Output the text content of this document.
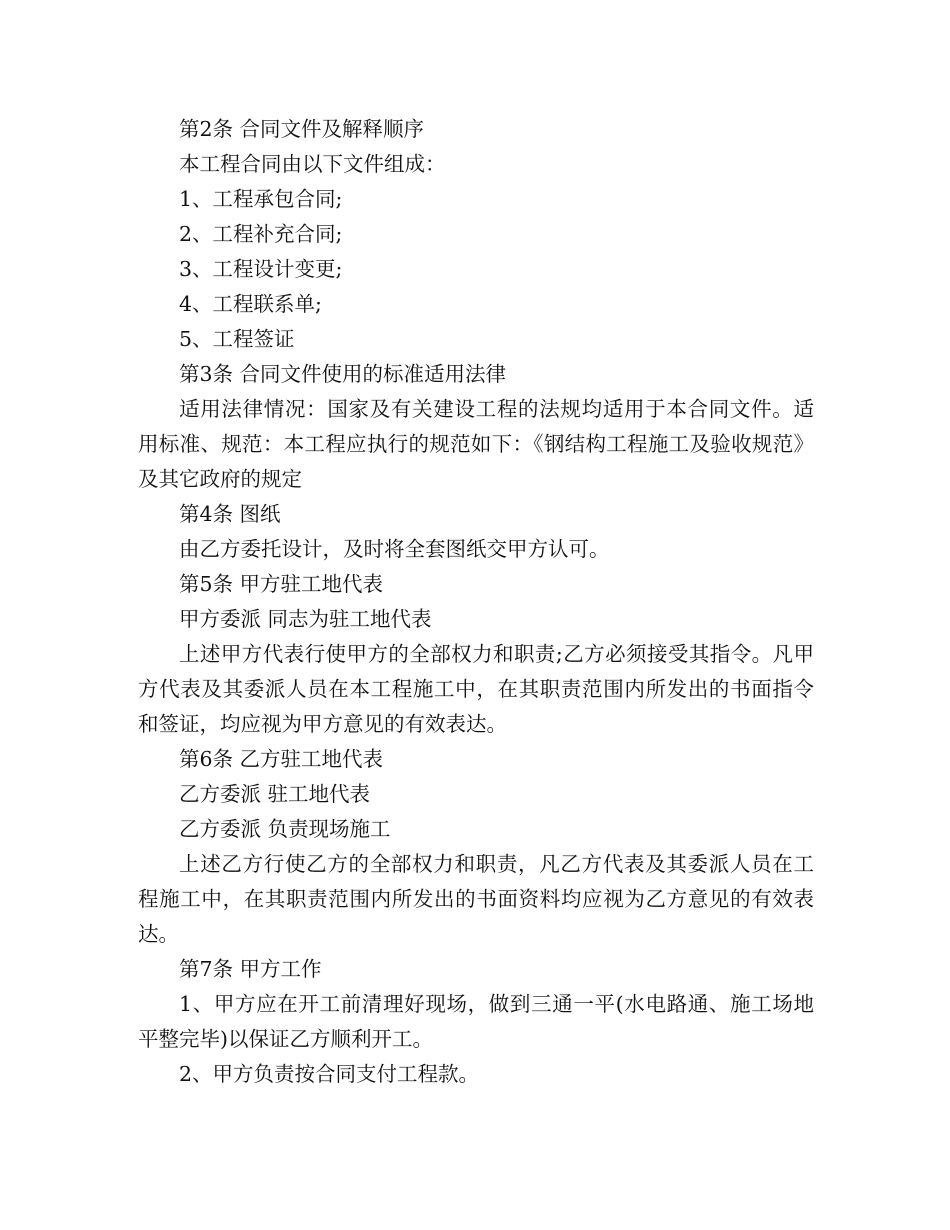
第2条 合同文件及解释顺序

本工程合同由以下文件组成：

1、工程承包合同;

2、工程补充合同;

3、工程设计变更;

4、工程联系单;

5、工程签证

第3条 合同文件使用的标准适用法律

适用法律情况：国家及有关建设工程的法规均适用于本合同文件。适用标准、规范：本工程应执行的规范如下：《钢结构工程施工及验收规范》及其它政府的规定

第4条 图纸

由乙方委托设计，及时将全套图纸交甲方认可。

第5条 甲方驻工地代表

甲方委派 同志为驻工地代表

上述甲方代表行使甲方的全部权力和职责;乙方必须接受其指令。凡甲方代表及其委派人员在本工程施工中，在其职责范围内所发出的书面指令和签证，均应视为甲方意见的有效表达。

第6条 乙方驻工地代表

乙方委派 驻工地代表

乙方委派 负责现场施工

上述乙方行使乙方的全部权力和职责，凡乙方代表及其委派人员在工程施工中，在其职责范围内所发出的书面资料均应视为乙方意见的有效表达。

第7条 甲方工作

1、甲方应在开工前清理好现场，做到三通一平(水电路通、施工场地平整完毕)以保证乙方顺利开工。

2、甲方负责按合同支付工程款。
